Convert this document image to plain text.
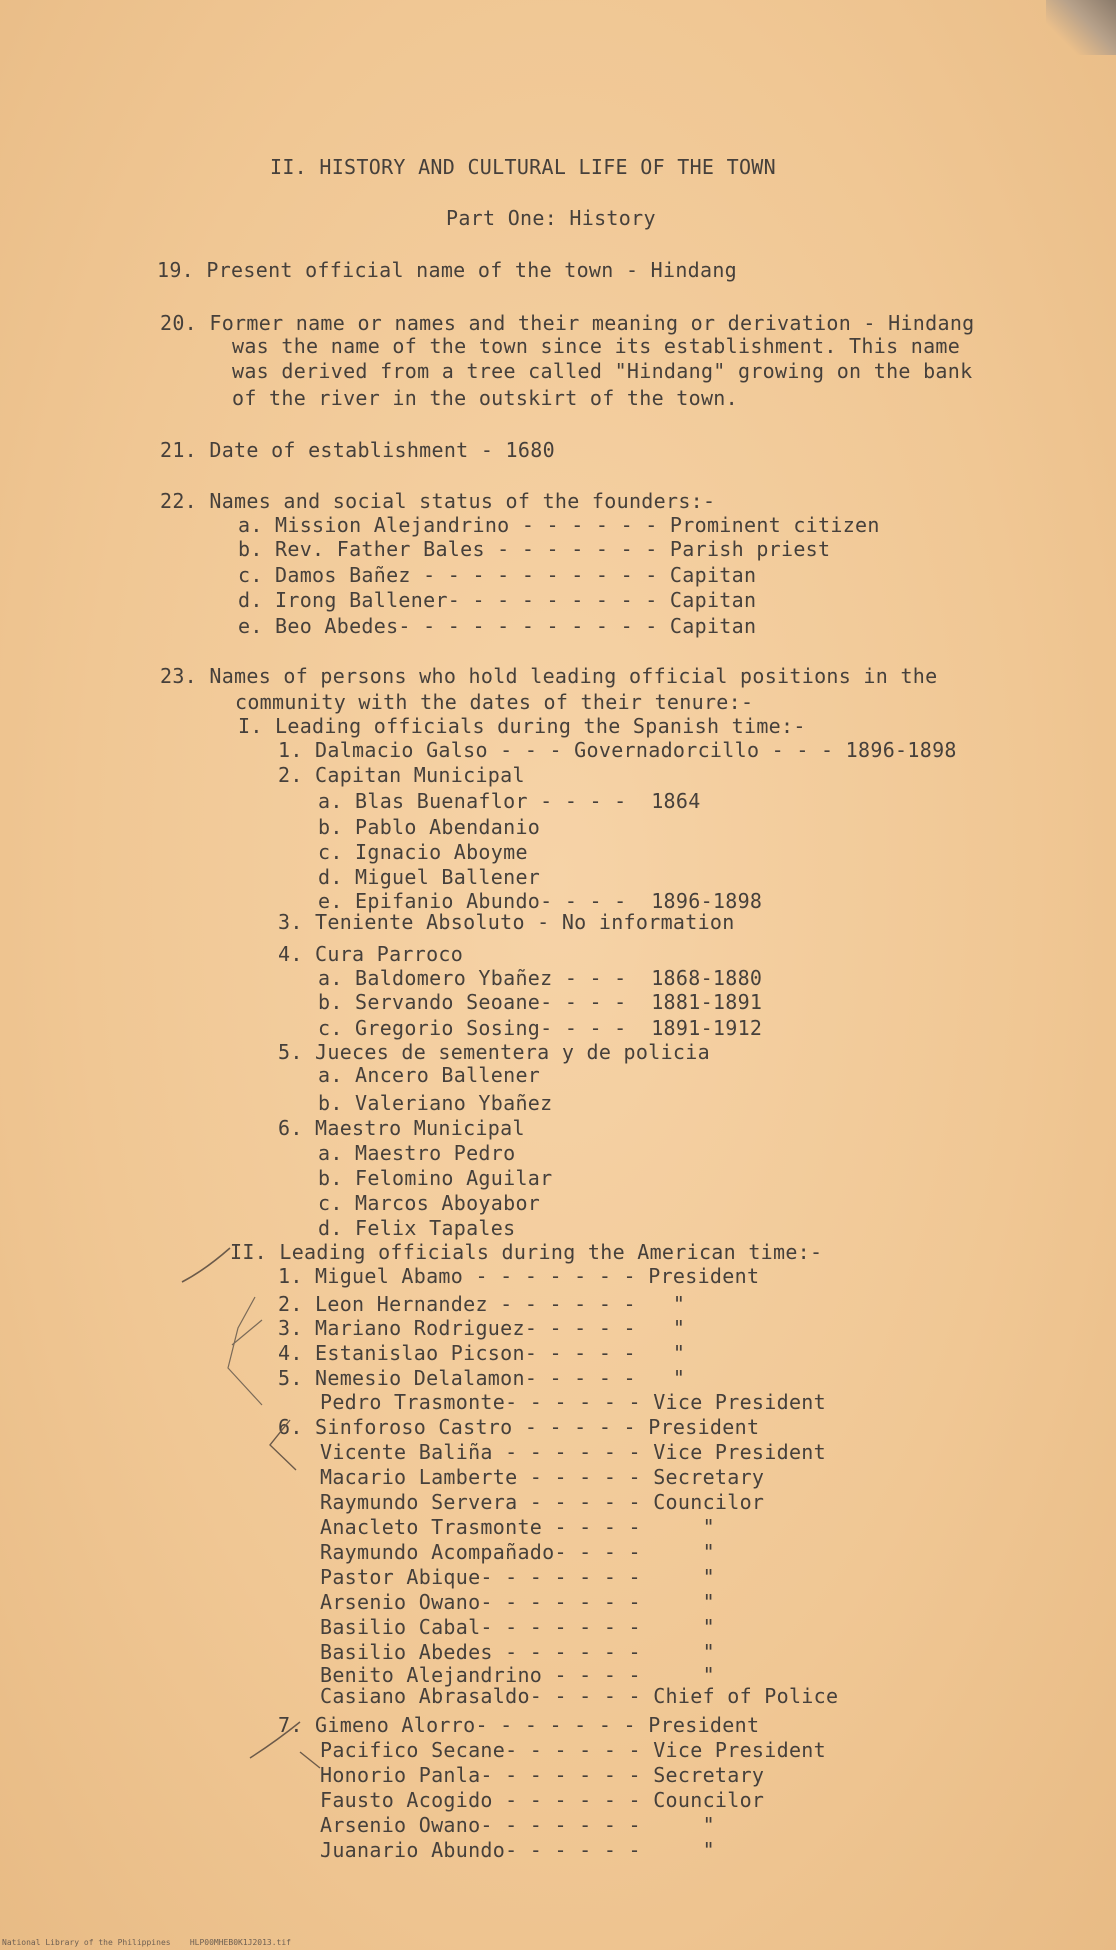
II. HISTORY AND CULTURAL LIFE OF THE TOWN
Part One: History
19. Present official name of the town - Hindang
20. Former name or names and their meaning or derivation - Hindang
was the name of the town since its establishment. This name
was derived from a tree called "Hindang" growing on the bank
of the river in the outskirt of the town.
21. Date of establishment - 1680
22. Names and social status of the founders:-
a. Mission Alejandrino - - - - - - Prominent citizen
b. Rev. Father Bales - - - - - - - Parish priest
c. Damos Bañez - - - - - - - - - - Capitan
d. Irong Ballener- - - - - - - - - Capitan
e. Beo Abedes- - - - - - - - - - - Capitan
23. Names of persons who hold leading official positions in the
community with the dates of their tenure:-
I. Leading officials during the Spanish time:-
1. Dalmacio Galso - - - Governadorcillo - - - 1896-1898
2. Capitan Municipal
a. Blas Buenaflor - - - -  1864
b. Pablo Abendanio
c. Ignacio Aboyme
d. Miguel Ballener
e. Epifanio Abundo- - - -  1896-1898
3. Teniente Absoluto - No information
4. Cura Parroco
a. Baldomero Ybañez - - -  1868-1880
b. Servando Seoane- - - -  1881-1891
c. Gregorio Sosing- - - -  1891-1912
5. Jueces de sementera y de policia
a. Ancero Ballener
b. Valeriano Ybañez
6. Maestro Municipal
a. Maestro Pedro
b. Felomino Aguilar
c. Marcos Aboyabor
d. Felix Tapales
II. Leading officials during the American time:-
1. Miguel Abamo - - - - - - - President
2. Leon Hernandez - - - - - -   "
3. Mariano Rodriguez- - - - -   "
4. Estanislao Picson- - - - -   "
5. Nemesio Delalamon- - - - -   "
Pedro Trasmonte- - - - - - Vice President
6. Sinforoso Castro - - - - - President
Vicente Baliña - - - - - - Vice President
Macario Lamberte - - - - - Secretary
Raymundo Servera - - - - - Councilor
Anacleto Trasmonte - - - -     "
Raymundo Acompañado- - - -     "
Pastor Abique- - - - - - -     "
Arsenio Owano- - - - - - -     "
Basilio Cabal- - - - - - -     "
Basilio Abedes - - - - - -     "
Benito Alejandrino - - - -     "
Casiano Abrasaldo- - - - - Chief of Police
7. Gimeno Alorro- - - - - - - President
Pacifico Secane- - - - - - Vice President
Honorio Panla- - - - - - - Secretary
Fausto Acogido - - - - - - Councilor
Arsenio Owano- - - - - - -     "
Juanario Abundo- - - - - -     "
National Library of the Philippines    HLP00MHEB0K1J2013.tif
